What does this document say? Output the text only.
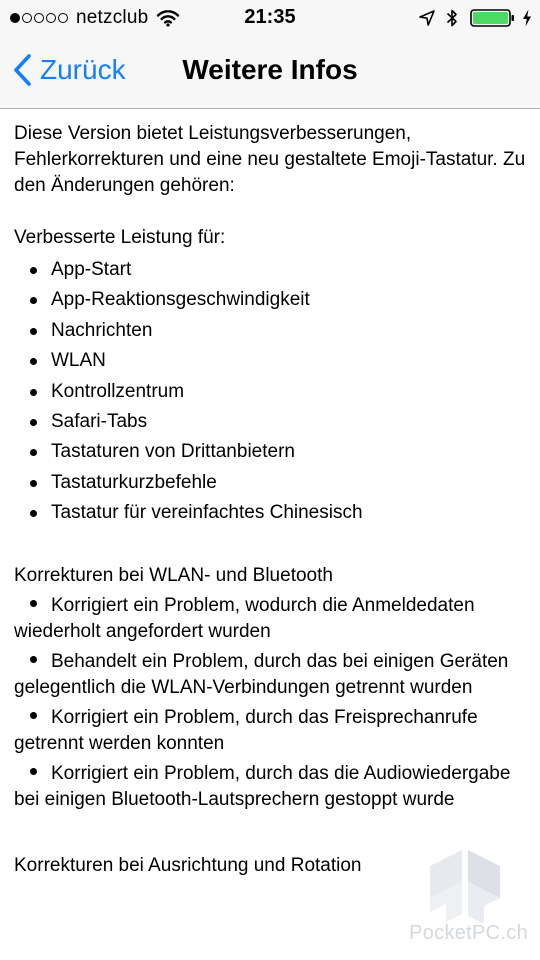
netzclub	21:35
Zurück	Weitere Infos

Diese Version bietet Leistungsverbesserungen, Fehlerkorrekturen und eine neu gestaltete Emoji-Tastatur. Zu den Änderungen gehören:

Verbesserte Leistung für:

App-Start
App-Reaktionsgeschwindigkeit
Nachrichten
WLAN
Kontrollzentrum
Safari-Tabs
Tastaturen von Drittanbietern
Tastaturkurzbefehle
Tastatur für vereinfachtes Chinesisch

Korrekturen bei WLAN- und Bluetooth

Korrigiert ein Problem, wodurch die Anmeldedaten wiederholt angefordert wurden
Behandelt ein Problem, durch das bei einigen Geräten gelegentlich die WLAN-Verbindungen getrennt wurden
Korrigiert ein Problem, durch das Freisprechanrufe getrennt werden konnten
Korrigiert ein Problem, durch das die Audiowiedergabe bei einigen Bluetooth-Lautsprechern gestoppt wurde

Korrekturen bei Ausrichtung und Rotation

PocketPC.ch
